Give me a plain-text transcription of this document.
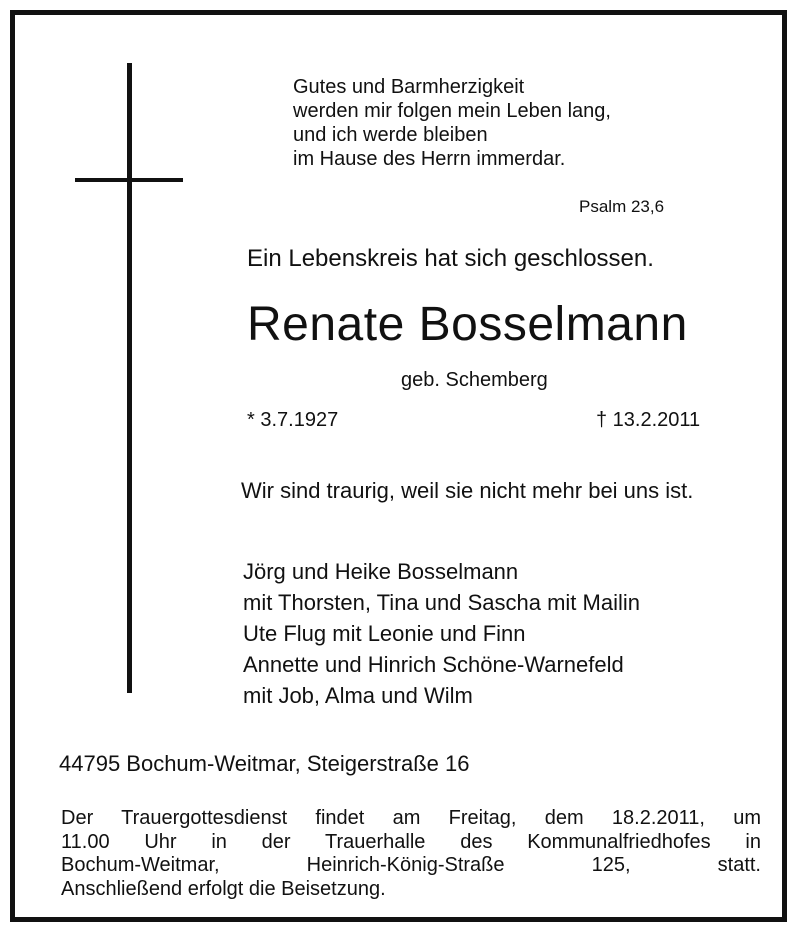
Gutes und Barmherzigkeit
werden mir folgen mein Leben lang,
und ich werde bleiben
im Hause des Herrn immerdar.
Psalm 23,6
Ein Lebenskreis hat sich geschlossen.
Renate Bosselmann
geb. Schemberg
* 3.7.1927	† 13.2.2011
Wir sind traurig, weil sie nicht mehr bei uns ist.
Jörg und Heike Bosselmann
mit Thorsten, Tina und Sascha mit Mailin
Ute Flug mit Leonie und Finn
Annette und Hinrich Schöne-Warnefeld
mit Job, Alma und Wilm
44795 Bochum-Weitmar, Steigerstraße 16
Der Trauergottesdienst findet am Freitag, dem 18.2.2011, um
11.00 Uhr in der Trauerhalle des Kommunalfriedhofes in
Bochum-Weitmar, Heinrich-König-Straße 125, statt.
Anschließend erfolgt die Beisetzung.
